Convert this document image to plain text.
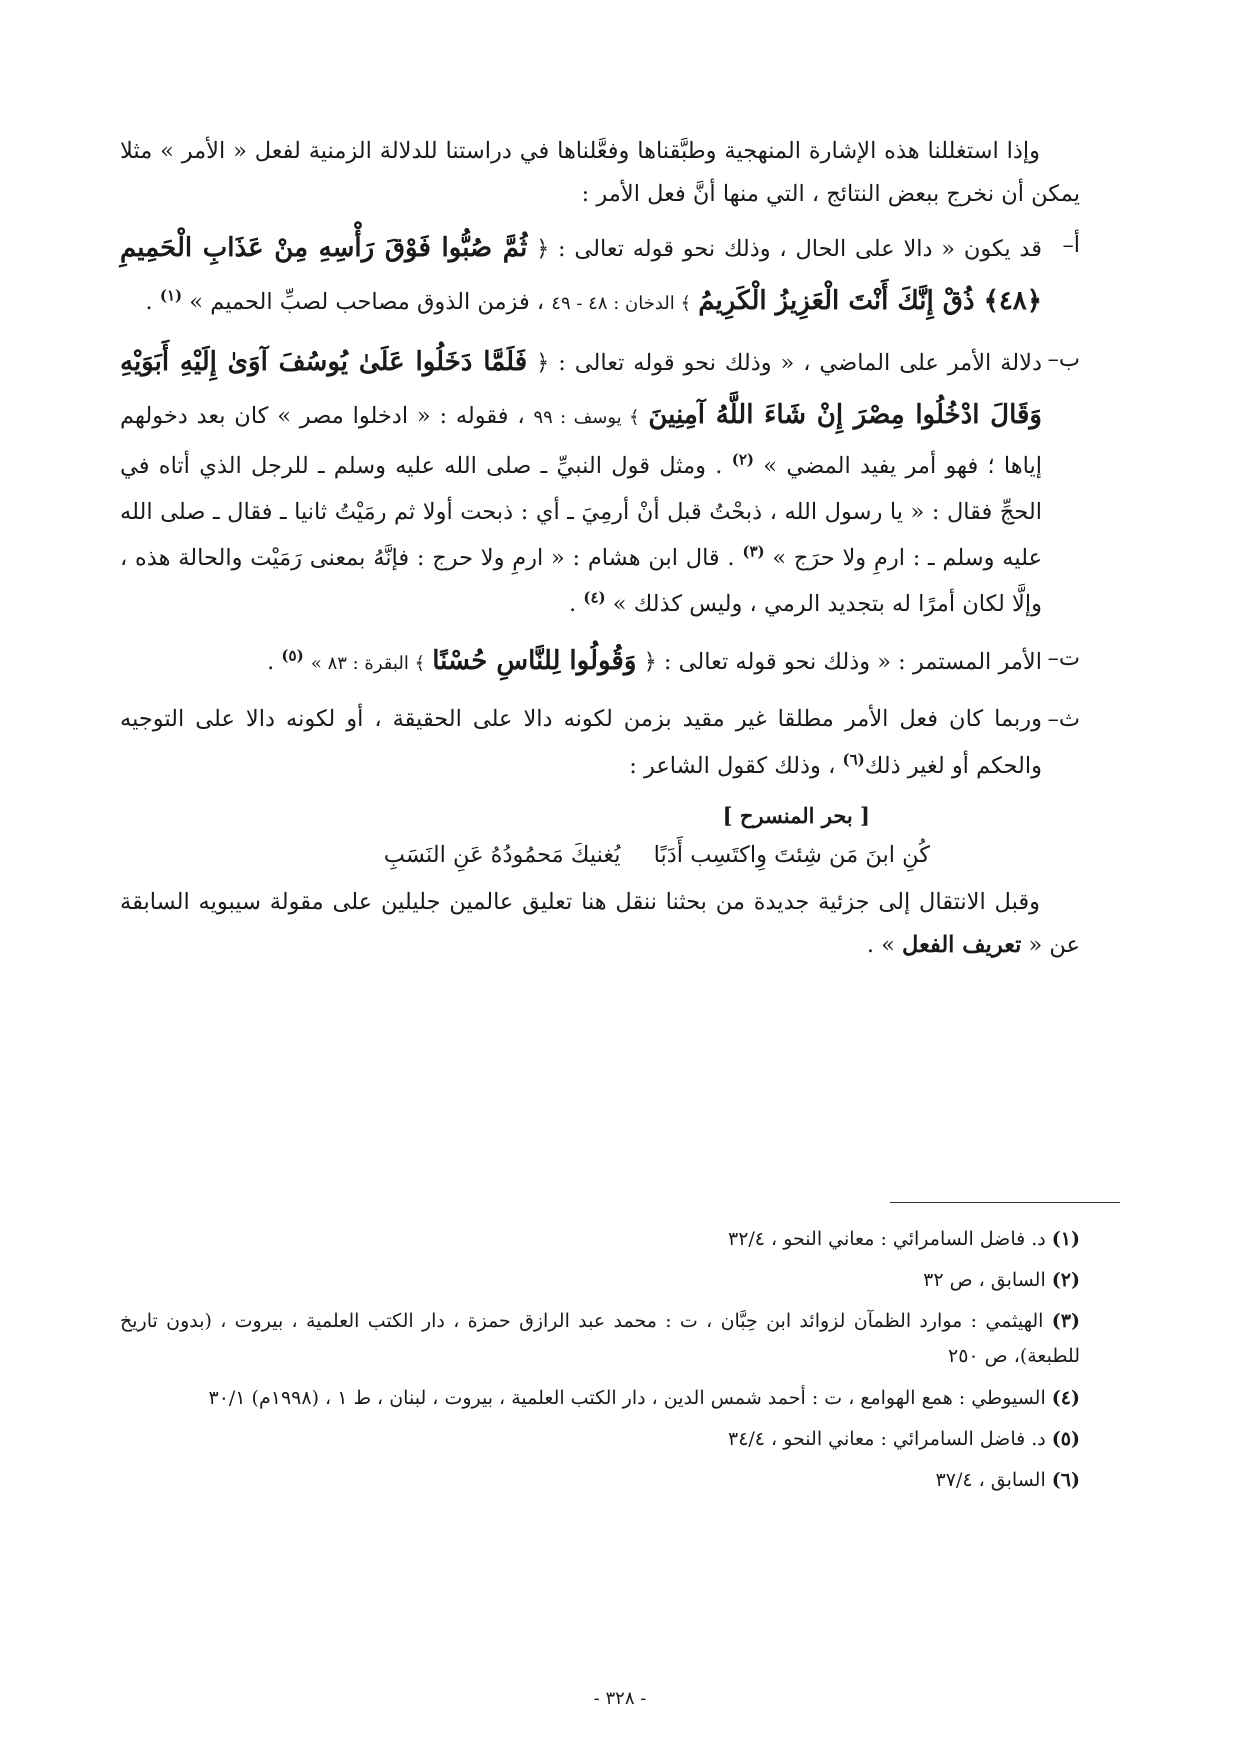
وإذا استغللنا هذه الإشارة المنهجية وطبَّقناها وفعَّلناها في دراستنا للدلالة الزمنية لفعل « الأمر » مثلا يمكن أن نخرج ببعض النتائج ، التي منها أنَّ فعل الأمر :

أ–
قد يكون « دالا على الحال ، وذلك نحو قوله تعالى : ﴿ ثُمَّ صُبُّوا فَوْقَ رَأْسِهِ مِنْ عَذَابِ الْحَمِيمِ ﴿٤٨﴾ ذُقْ إِنَّكَ أَنْتَ الْعَزِيزُ الْكَرِيمُ ﴾ الدخان : ٤٨ - ٤٩ ، فزمن الذوق مصاحب لصبِّ الحميم » $^{(١)}$ .
ب–
دلالة الأمر على الماضي ، « وذلك نحو قوله تعالى : ﴿ فَلَمَّا دَخَلُوا عَلَىٰ يُوسُفَ آوَىٰ إِلَيْهِ أَبَوَيْهِ وَقَالَ ادْخُلُوا مِصْرَ إِنْ شَاءَ اللَّهُ آمِنِينَ ﴾ يوسف : ٩٩ ، فقوله : « ادخلوا مصر » كان بعد دخولهم إياها ؛ فهو أمر يفيد المضي » $^{(٢)}$ . ومثل قول النبيِّ ـ صلى الله عليه وسلم ـ للرجل الذي أتاه في الحجِّ فقال : « يا رسول الله ، ذبحْتُ قبل أنْ أرمِيَ ـ أي : ذبحت أولا ثم رمَيْتُ ثانيا ـ فقال ـ صلى الله عليه وسلم ـ : ارمِ ولا حرَج » $^{(٣)}$ . قال ابن هشام : « ارمِ ولا حرج : فإنَّهُ بمعنى رَمَيْت والحالة هذه ، وإلَّا لكان أمرًا له بتجديد الرمي ، وليس كذلك » $^{(٤)}$ .
ت–
الأمر المستمر : « وذلك نحو قوله تعالى : ﴿ وَقُولُوا لِلنَّاسِ حُسْنًا ﴾ البقرة : ٨٣ » $^{(٥)}$ .
ث–
وربما كان فعل الأمر مطلقا غير مقيد بزمن لكونه دالا على الحقيقة ، أو لكونه دالا على التوجيه والحكم أو لغير ذلك$^{(٦)}$ ، وذلك كقول الشاعر :
[ بحر المنسرح ]
كُنِ ابنَ مَن شِئتَ وِاكتَسِب أَدَبًا يُغنيكَ مَحمُودُهُ عَنِ النَسَبِ

وقبل الانتقال إلى جزئية جديدة من بحثنا ننقل هنا تعليق عالمين جليلين على مقولة سيبويه السابقة عن « تعريف الفعل » .

(١) د. فاضل السامرائي : معاني النحو ، ٣٢/٤
(٢) السابق ، ص ٣٢
(٣) الهيثمي : موارد الظمآن لزوائد ابن حِبَّان ، ت : محمد عبد الرازق حمزة ، دار الكتب العلمية ، بيروت ، (بدون تاريخ للطبعة)، ص ٢٥٠
(٤) السيوطي : همع الهوامع ، ت : أحمد شمس الدين ، دار الكتب العلمية ، بيروت ، لبنان ، ط ١ ، (١٩٩٨م) ٣٠/١
(٥) د. فاضل السامرائي : معاني النحو ، ٣٤/٤
(٦) السابق ، ٣٧/٤
- ٣٢٨ -
